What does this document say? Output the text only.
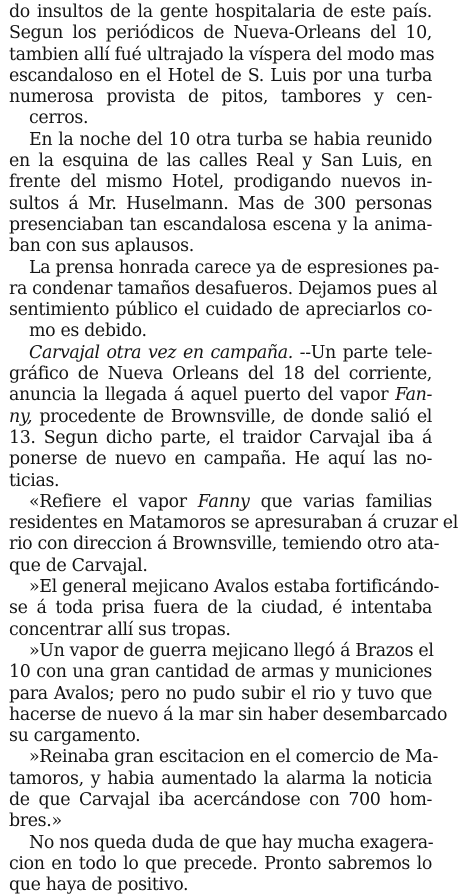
do insultos de la gente hospitalaria de este país.
Segun los periódicos de Nueva-Orleans del 10,
tambien allí fué ultrajado la víspera del modo mas
escandaloso en el Hotel de S. Luis por una turba
numerosa provista de pitos, tambores y cen-
cerros.

En la noche del 10 otra turba se habia reunido
en la esquina de las calles Real y San Luis, en
frente del mismo Hotel, prodigando nuevos in-
sultos á Mr. Huselmann. Mas de 300 personas
presenciaban tan escandalosa escena y la anima-
ban con sus aplausos.

La prensa honrada carece ya de espresiones pa-
ra condenar tamaños desafueros. Dejamos pues al
sentimiento público el cuidado de apreciarlos co-
mo es debido.

Carvajal otra vez en campaña. --Un parte tele-
gráfico de Nueva Orleans del 18 del corriente,
anuncia la llegada á aquel puerto del vapor Fan-
ny, procedente de Brownsville, de donde salió el
13. Segun dicho parte, el traidor Carvajal iba á
ponerse de nuevo en campaña. He aquí las no-
ticias.

«Refiere el vapor Fanny que varias familias
residentes en Matamoros se apresuraban á cruzar el
rio con direccion á Brownsville, temiendo otro ata-
que de Carvajal.

»El general mejicano Avalos estaba fortificándo-
se á toda prisa fuera de la ciudad, é intentaba
concentrar allí sus tropas.

»Un vapor de guerra mejicano llegó á Brazos el
10 con una gran cantidad de armas y municiones
para Avalos; pero no pudo subir el rio y tuvo que
hacerse de nuevo á la mar sin haber desembarcado
su cargamento.

»Reinaba gran escitacion en el comercio de Ma-
tamoros, y habia aumentado la alarma la noticia
de que Carvajal iba acercándose con 700 hom-
bres.»

No nos queda duda de que hay mucha exagera-
cion en todo lo que precede. Pronto sabremos lo
que haya de positivo.
